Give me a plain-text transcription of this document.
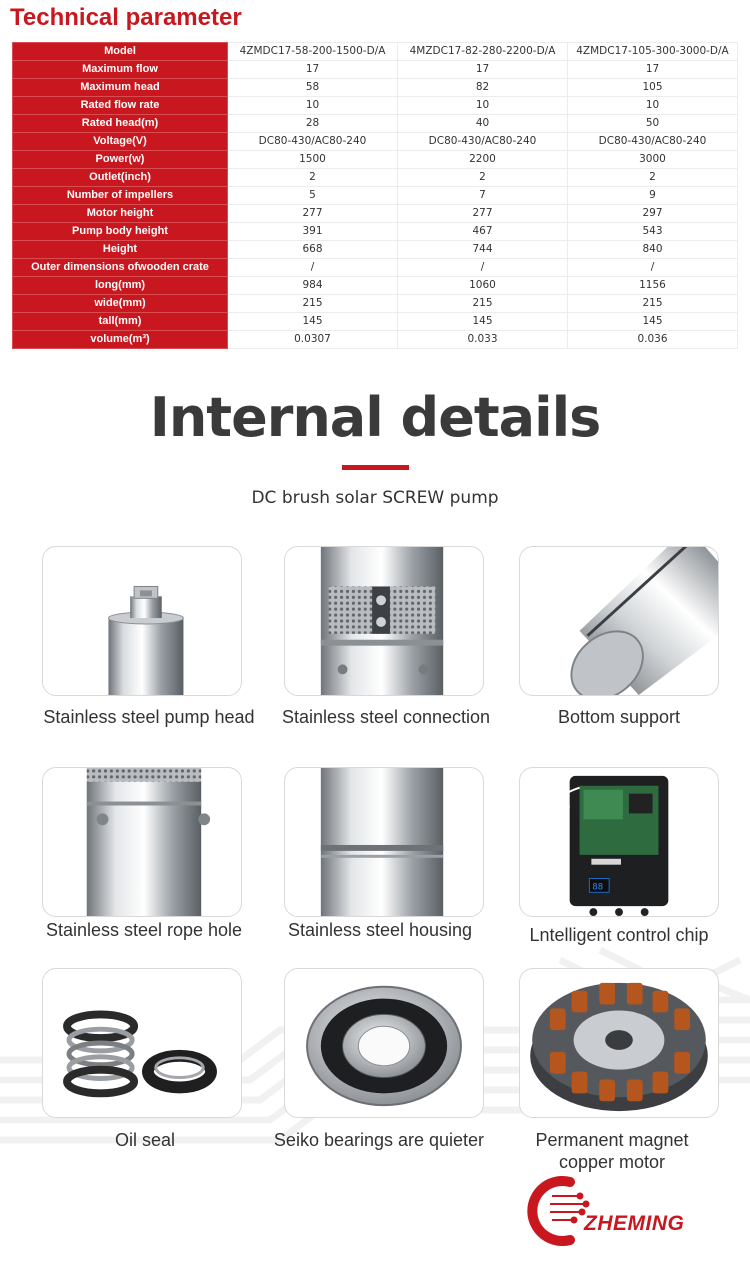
Technical parameter
Model	4ZMDC17-58-200-1500-D/A	4MZDC17-82-280-2200-D/A	4ZMDC17-105-300-3000-D/A
Maximum flow	17	17	17
Maximum head	58	82	105
Rated flow rate	10	10	10
Rated head(m)	28	40	50
Voltage(V)	DC80-430/AC80-240	DC80-430/AC80-240	DC80-430/AC80-240
Power(w)	1500	2200	3000
Outlet(inch)	2	2	2
Number of impellers	5	7	9
Motor height	277	277	297
Pump body height	391	467	543
Height	668	744	840
Outer dimensions ofwooden crate	/	/	/
long(mm)	984	1060	1156
wide(mm)	215	215	215
tall(mm)	145	145	145
volume(m³)	0.0307	0.033	0.036
Internal details
DC brush solar SCREW pump
Stainless steel pump head	Stainless steel connection	Bottom support
Stainless steel rope hole	Stainless steel housing
88
Lntelligent control chip
Oil seal	Seiko bearings are quieter	Permanent magnet
copper motor
ZHEMING
